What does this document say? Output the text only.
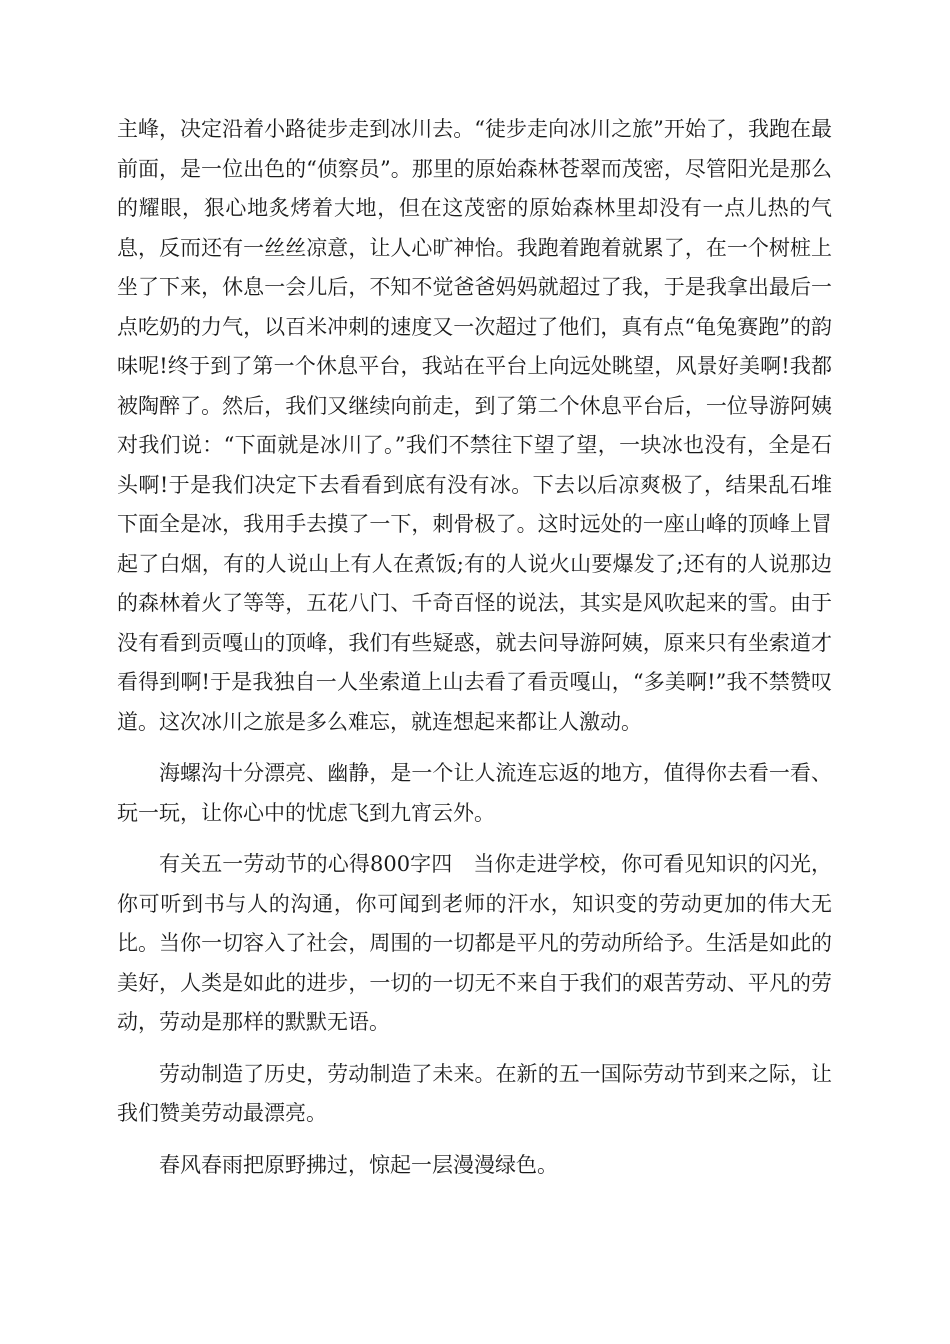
主峰，决定沿着小路徒步走到冰川去。“徒步走向冰川之旅”开始了，我跑在最前面，是一位出色的“侦察员”。那里的原始森林苍翠而茂密，尽管阳光是那么的耀眼，狠心地炙烤着大地，但在这茂密的原始森林里却没有一点儿热的气息，反而还有一丝丝凉意，让人心旷神怡。我跑着跑着就累了，在一个树桩上坐了下来，休息一会儿后，不知不觉爸爸妈妈就超过了我，于是我拿出最后一点吃奶的力气，以百米冲刺的速度又一次超过了他们，真有点“龟兔赛跑”的韵味呢!终于到了第一个休息平台，我站在平台上向远处眺望，风景好美啊!我都被陶醉了。然后，我们又继续向前走，到了第二个休息平台后，一位导游阿姨对我们说：“下面就是冰川了。”我们不禁往下望了望，一块冰也没有，全是石头啊!于是我们决定下去看看到底有没有冰。下去以后凉爽极了，结果乱石堆下面全是冰，我用手去摸了一下，刺骨极了。这时远处的一座山峰的顶峰上冒起了白烟，有的人说山上有人在煮饭;有的人说火山要爆发了;还有的人说那边的森林着火了等等，五花八门、千奇百怪的说法，其实是风吹起来的雪。由于没有看到贡嘎山的顶峰，我们有些疑惑，就去问导游阿姨，原来只有坐索道才看得到啊!于是我独自一人坐索道上山去看了看贡嘎山，“多美啊!”我不禁赞叹道。这次冰川之旅是多么难忘，就连想起来都让人激动。

海螺沟十分漂亮、幽静，是一个让人流连忘返的地方，值得你去看一看、玩一玩，让你心中的忧虑飞到九宵云外。

有关五一劳动节的心得800字四　当你走进学校，你可看见知识的闪光，你可听到书与人的沟通，你可闻到老师的汗水，知识变的劳动更加的伟大无比。当你一切容入了社会，周围的一切都是平凡的劳动所给予。生活是如此的美好，人类是如此的进步，一切的一切无不来自于我们的艰苦劳动、平凡的劳动，劳动是那样的默默无语。

劳动制造了历史，劳动制造了未来。在新的五一国际劳动节到来之际，让我们赞美劳动最漂亮。

春风春雨把原野拂过，惊起一层漫漫绿色。
